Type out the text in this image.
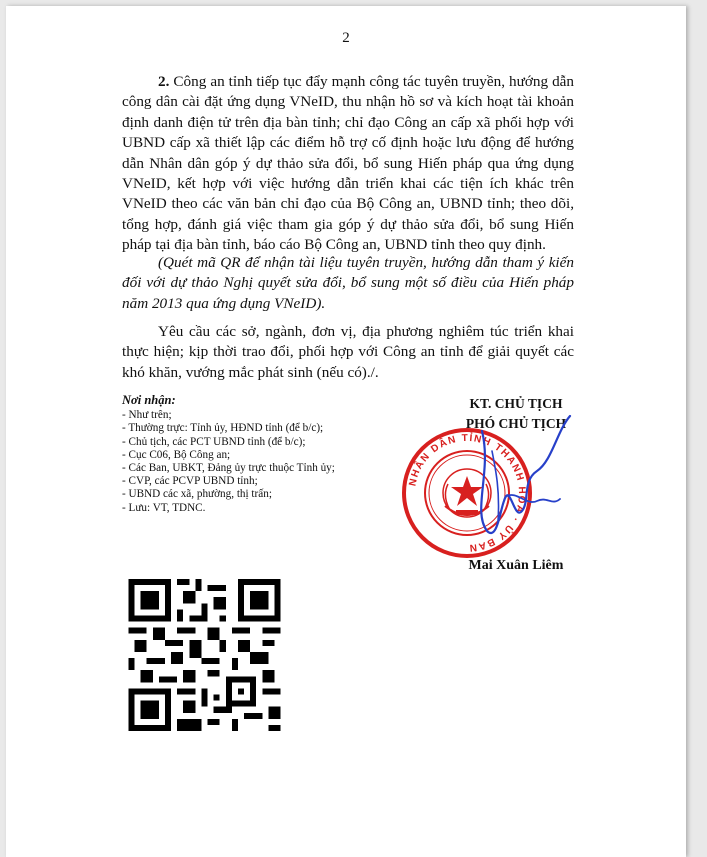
2

2. Công an tỉnh tiếp tục đẩy mạnh công tác tuyên truyền, hướng dẫn công dân cài đặt ứng dụng VNeID, thu nhận hồ sơ và kích hoạt tài khoản định danh điện tử trên địa bàn tỉnh; chỉ đạo Công an cấp xã phối hợp với UBND cấp xã thiết lập các điểm hỗ trợ cố định hoặc lưu động để hướng dẫn Nhân dân góp ý dự thảo sửa đổi, bổ sung Hiến pháp qua ứng dụng VNeID, kết hợp với việc hướng dẫn triển khai các tiện ích khác trên VNeID theo các văn bản chỉ đạo của Bộ Công an, UBND tỉnh; theo dõi, tổng hợp, đánh giá việc tham gia góp ý dự thảo sửa đổi, bổ sung Hiến pháp tại địa bàn tỉnh, báo cáo Bộ Công an, UBND tỉnh theo quy định.

(Quét mã QR để nhận tài liệu tuyên truyền, hướng dẫn tham ý kiến đối với dự thảo Nghị quyết sửa đổi, bổ sung một số điều của Hiến pháp năm 2013 qua ứng dụng VNeID).

Yêu cầu các sở, ngành, đơn vị, địa phương nghiêm túc triển khai thực hiện; kịp thời trao đổi, phối hợp với Công an tỉnh để giải quyết các khó khăn, vướng mắc phát sinh (nếu có)./.

Nơi nhận:
- Như trên;
- Thường trực: Tỉnh ủy, HĐND tỉnh (để b/c);
- Chủ tịch, các PCT UBND tỉnh (để b/c);
- Cục C06, Bộ Công an;
- Các Ban, UBKT, Đảng ủy trực thuộc Tỉnh ủy;
- CVP, các PCVP UBND tỉnh;
- UBND các xã, phường, thị trấn;
- Lưu: VT, TDNC.
KT. CHỦ TỊCH
PHÓ CHỦ TỊCH
NHÂN DÂN TỈNH THANH HÓA · ỦY BAN
Mai Xuân Liêm
